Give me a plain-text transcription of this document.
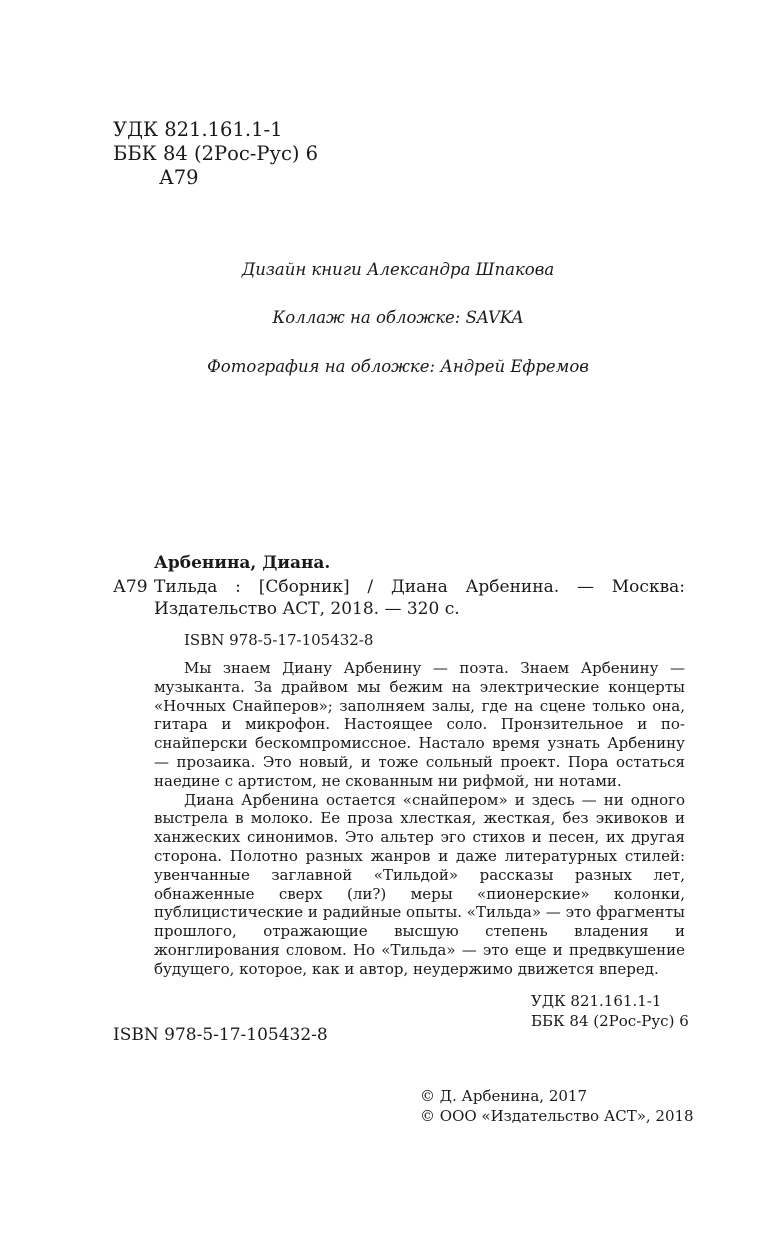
УДК 821.161.1-1
ББК 84 (2Рос-Рус) 6
А79
Дизайн книги Александра Шпакова
Коллаж на обложке: SAVKA
Фотография на обложке: Андрей Ефремов
Арбенина, Диана.
А79 Тильда : [Сборник] / Диана Арбенина. — Москва: Издательство АСТ, 2018. — 320 с.
ISBN 978-5-17-105432-8

Мы знаем Диану Арбенину — поэта. Знаем Арбенину — музыканта. За драйвом мы бежим на электрические концерты «Ночных Снайперов»; заполняем залы, где на сцене только она, гитара и микрофон. Настоящее соло. Пронзительное и по-снайперски бескомпромиссное. Настало время узнать Арбенину — прозаика. Это новый, и тоже сольный проект. Пора остаться наедине с артистом, не скованным ни рифмой, ни нотами.

Диана Арбенина остается «снайпером» и здесь — ни одного выстрела в молоко. Ее проза хлесткая, жесткая, без экивоков и ханжеских синонимов. Это альтер эго стихов и песен, их другая сторона. Полотно разных жанров и даже литературных стилей: увенчанные заглавной «Тильдой» рассказы разных лет, обнаженные сверх (ли?) меры «пионерские» колонки, публицистические и радийные опыты. «Тильда» — это фрагменты прошлого, отражающие высшую степень владения и жонглирования словом. Но «Тильда» — это еще и предвкушение будущего, которое, как и автор, неудержимо движется вперед.

УДК 821.161.1-1
ББК 84 (2Рос-Рус) 6
ISBN 978-5-17-105432-8
© Д. Арбенина, 2017
© ООО «Издательство АСТ», 2018
